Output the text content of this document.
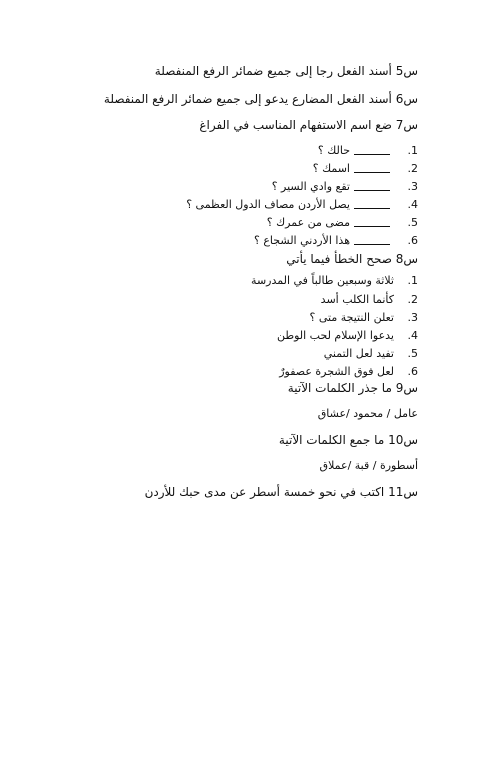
س5 أسند الفعل رجا إلى جميع ضمائر الرفع المنفصلة
س6 أسند الفعل المضارع يدعو إلى جميع ضمائر الرفع المنفصلة
س7 ضع اسم الاستفهام المناسب في الفراغ
1.
حالك ؟
2.
اسمك ؟
3.
تقع وادي السير ؟
4.
يصل الأردن مصاف الدول العظمى ؟
5.
مضى من عمرك ؟
6.
هذا الأردني الشجاع ؟
س8 صحح الخطأ فيما يأتي
1.
ثلاثة وسبعين طالباً في المدرسة
2.
كأنما الكلب أسد
3.
تعلن النتيجة متى ؟
4.
يدعوا الإسلام لحب الوطن
5.
تفيد لعل التمني
6.
لعل فوق الشجرة عصفورٌ
س9 ما جذر الكلمات الآتية
عامل / محمود /عشاق
س10 ما جمع الكلمات الآتية
أسطورة / قبة /عملاق
س11 اكتب في نحو خمسة أسطر عن مدى حبك للأردن
